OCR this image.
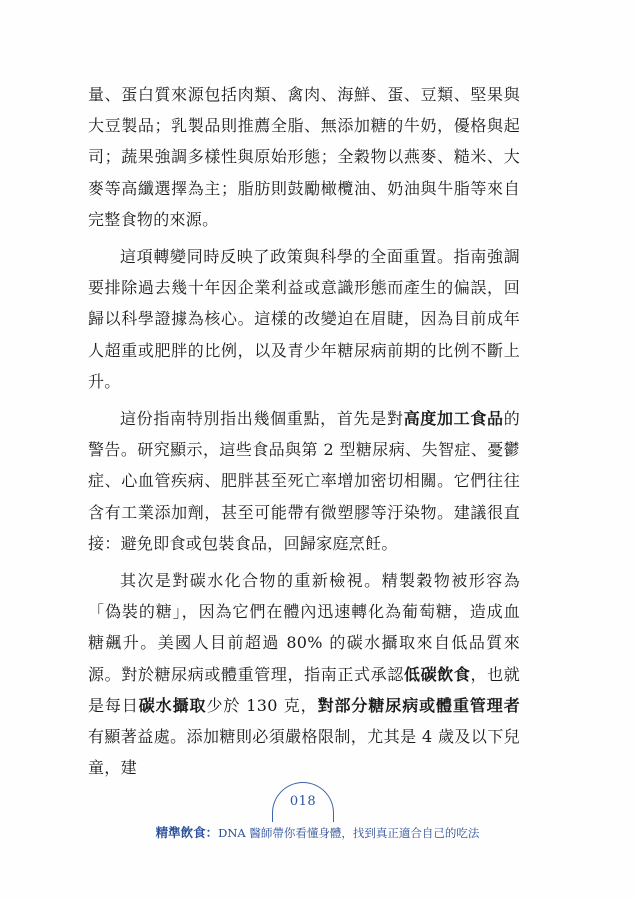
量、蛋白質來源包括肉類、禽肉、海鮮、蛋、豆類、堅果與大豆製品；乳製品則推薦全脂、無添加糖的牛奶，優格與起司；蔬果強調多樣性與原始形態；全穀物以燕麥、糙米、大麥等高纖選擇為主；脂肪則鼓勵橄欖油、奶油與牛脂等來自完整食物的來源。

這項轉變同時反映了政策與科學的全面重置。指南強調要排除過去幾十年因企業利益或意識形態而產生的偏誤，回歸以科學證據為核心。這樣的改變迫在眉睫，因為目前成年人超重或肥胖的比例，以及青少年糖尿病前期的比例不斷上升。

這份指南特別指出幾個重點，首先是對高度加工食品的警告。研究顯示，這些食品與第 2 型糖尿病、失智症、憂鬱症、心血管疾病、肥胖甚至死亡率增加密切相關。它們往往含有工業添加劑，甚至可能帶有微塑膠等汙染物。建議很直接：避免即食或包裝食品，回歸家庭烹飪。

其次是對碳水化合物的重新檢視。精製穀物被形容為「偽裝的糖」，因為它們在體內迅速轉化為葡萄糖，造成血糖飆升。美國人目前超過 80% 的碳水攝取來自低品質來源。對於糖尿病或體重管理，指南正式承認低碳飲食，也就是每日碳水攝取少於 130 克，對部分糖尿病或體重管理者有顯著益處。添加糖則必須嚴格限制，尤其是 4 歲及以下兒童，建

018
精準飲食：DNA 醫師帶你看懂身體，找到真正適合自己的吃法
